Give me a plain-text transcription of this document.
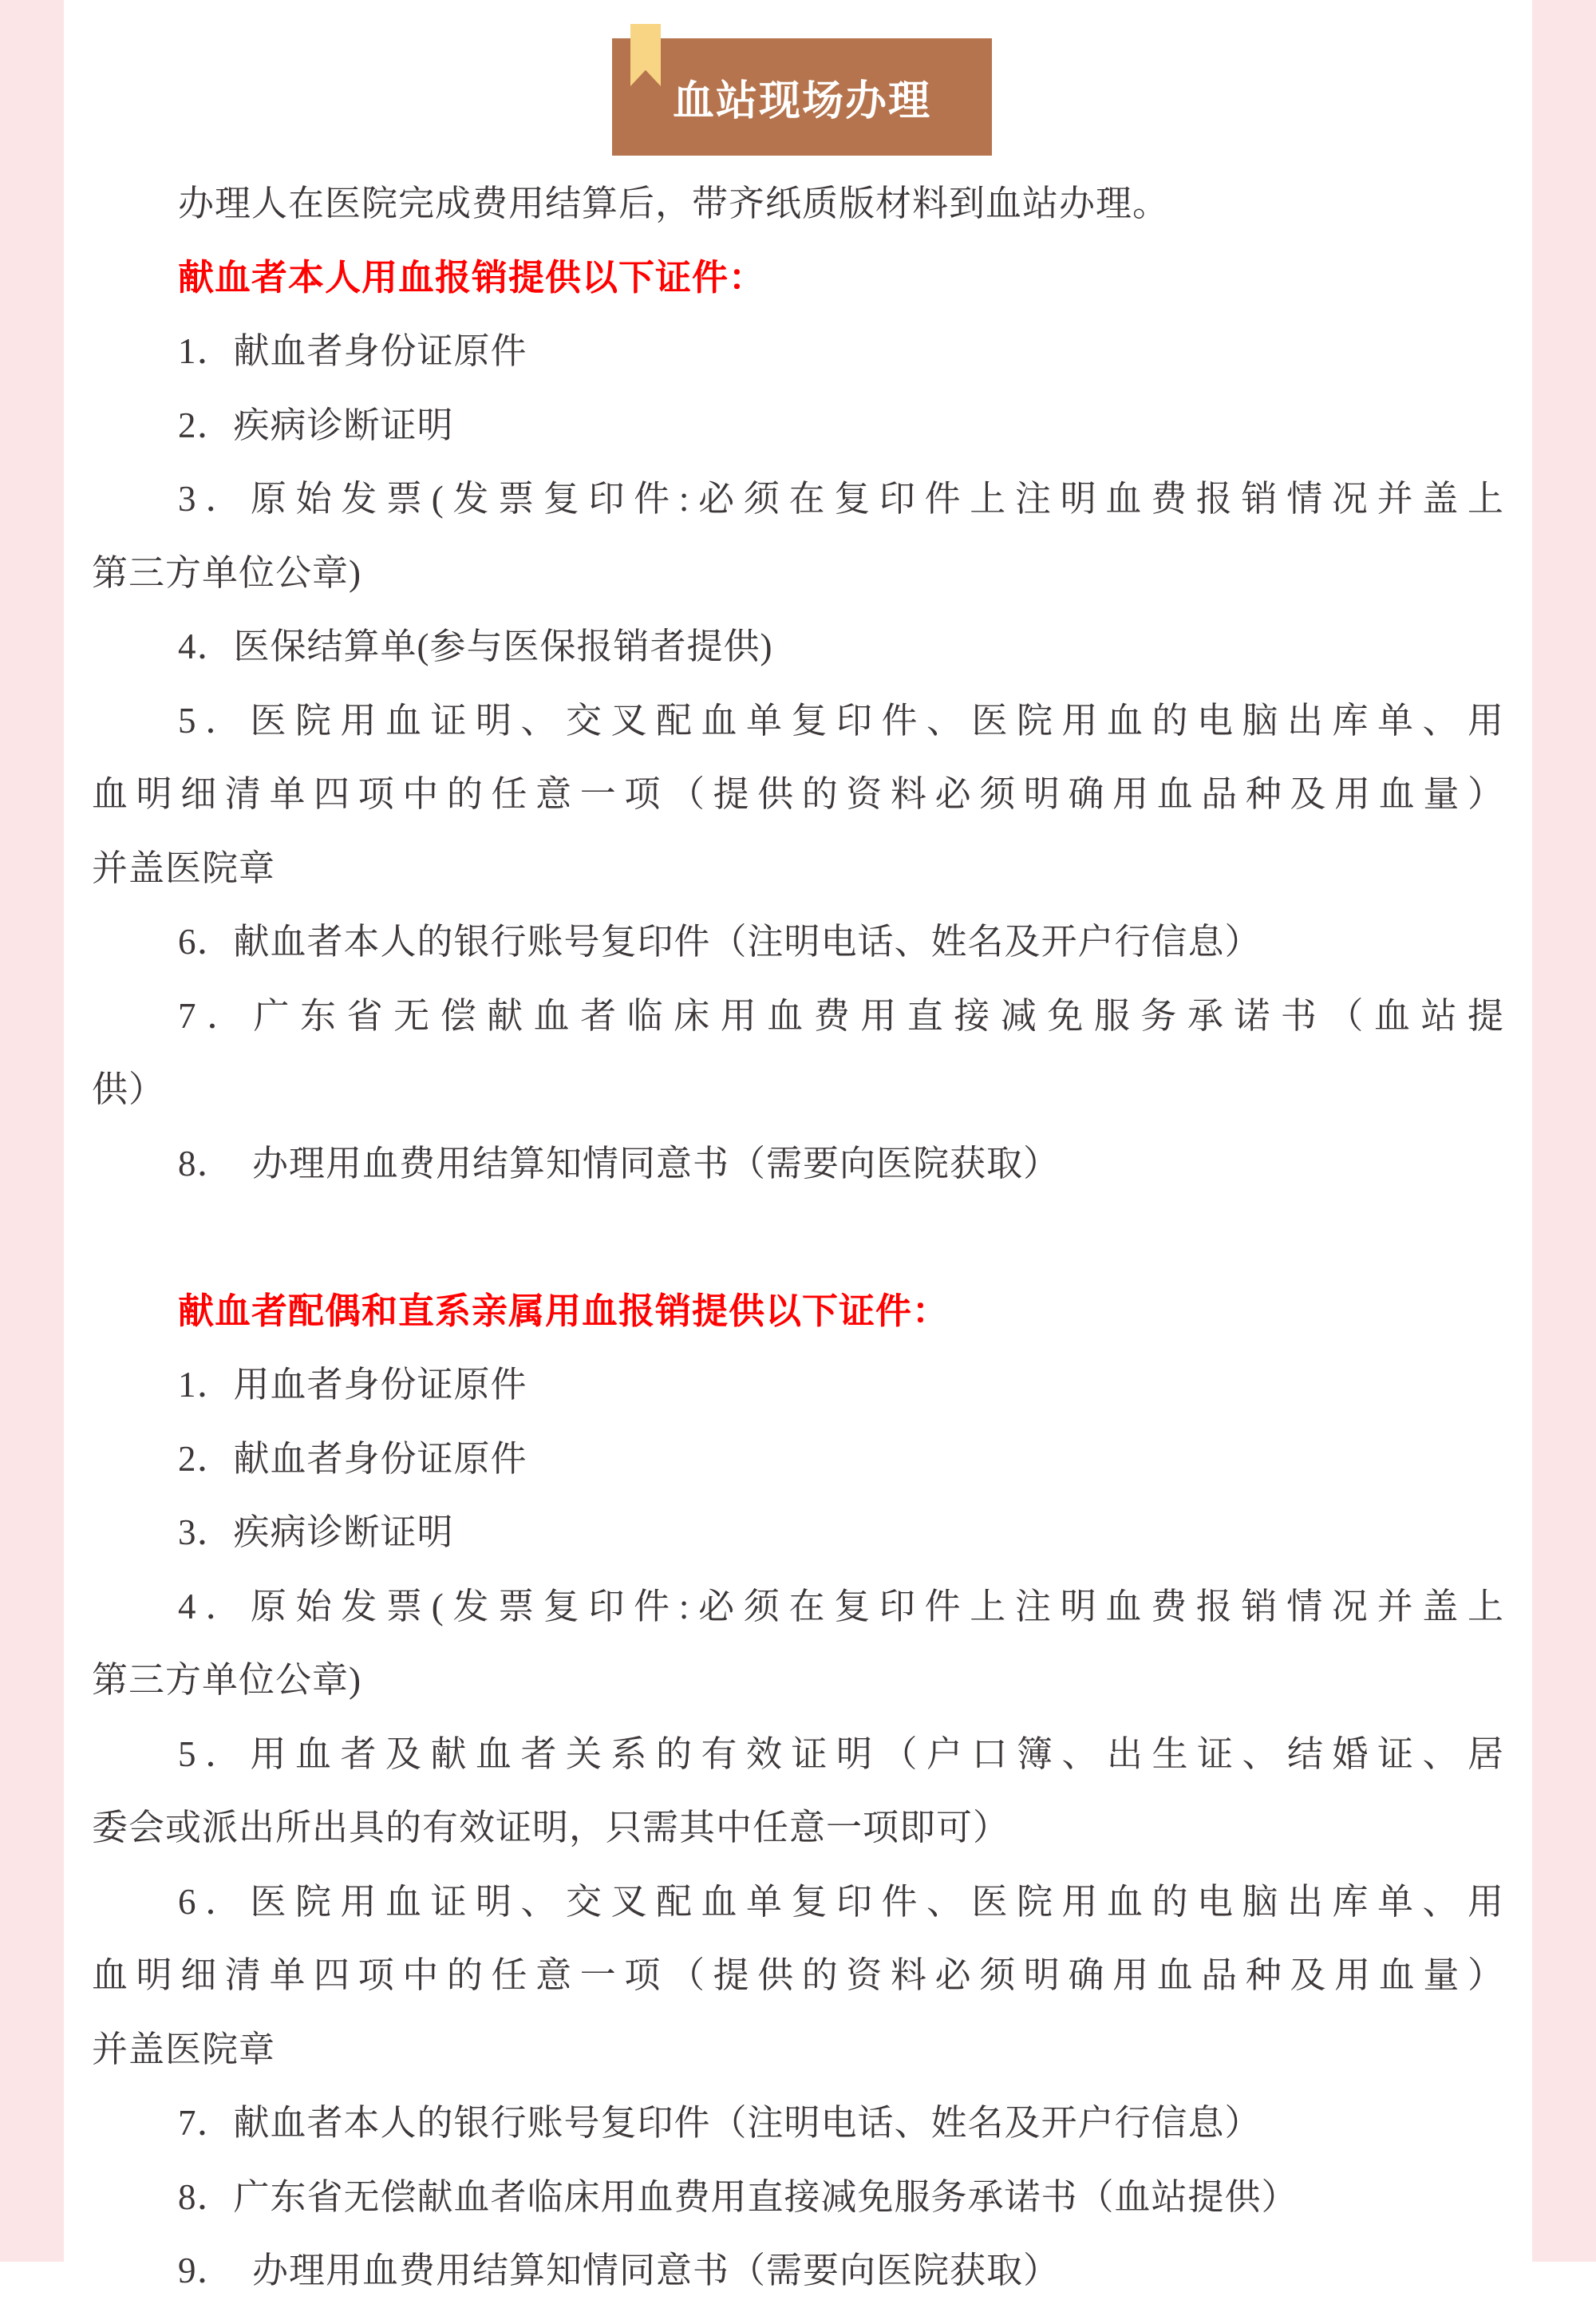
血站现场办理
办理人在医院完成费用结算后，带齐纸质版材料到血站办理。
献血者本人用血报销提供以下证件：
1．献血者身份证原件
2．疾病诊断证明
3．原始发票(发票复印件:必须在复印件上注明血费报销情况并盖上
第三方单位公章)
4．医保结算单(参与医保报销者提供)
5．医院用血证明、交叉配血单复印件、医院用血的电脑出库单、用
血明细清单四项中的任意一项（提供的资料必须明确用血品种及用血量）
并盖医院章
6．献血者本人的银行账号复印件（注明电话、姓名及开户行信息）
7．广东省无偿献血者临床用血费用直接减免服务承诺书（血站提
供）
8．　办理用血费用结算知情同意书（需要向医院获取）
献血者配偶和直系亲属用血报销提供以下证件：
1．用血者身份证原件
2．献血者身份证原件
3．疾病诊断证明
4．原始发票(发票复印件:必须在复印件上注明血费报销情况并盖上
第三方单位公章)
5．用血者及献血者关系的有效证明（户口簿、出生证、结婚证、居
委会或派出所出具的有效证明，只需其中任意一项即可）
6．医院用血证明、交叉配血单复印件、医院用血的电脑出库单、用
血明细清单四项中的任意一项（提供的资料必须明确用血品种及用血量）
并盖医院章
7．献血者本人的银行账号复印件（注明电话、姓名及开户行信息）
8．广东省无偿献血者临床用血费用直接减免服务承诺书（血站提供）
9．　办理用血费用结算知情同意书（需要向医院获取）
